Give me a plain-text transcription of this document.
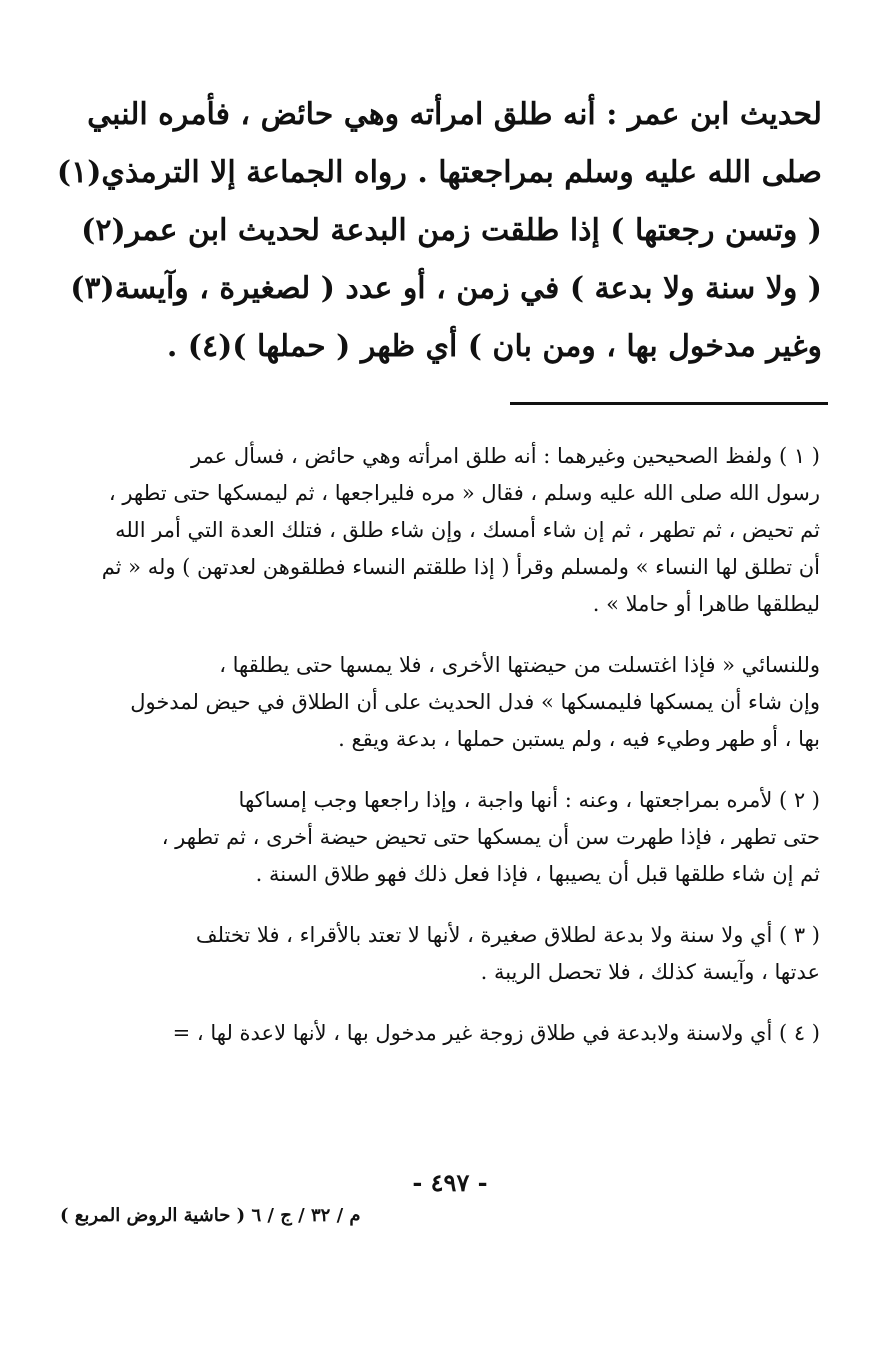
لحديث ابن عمر : أنه طلق امرأته وهي حائض ، فأمره النبي
صلى الله عليه وسلم بمراجعتها . رواه الجماعة إلا الترمذي(١)
( وتسن رجعتها ) إذا طلقت زمن البدعة لحديث ابن عمر(٢)
( ولا سنة ولا بدعة ) في زمن ، أو عدد ( لصغيرة ، وآيسة(٣)
وغير مدخول بها ، ومن بان ) أي ظهر ( حملها )(٤) .
( ١ ) ولفظ الصحيحين وغيرهما : أنه طلق امرأته وهي حائض ، فسأل عمر
رسول الله صلى الله عليه وسلم ، فقال « مره فليراجعها ، ثم ليمسكها حتى تطهر ،
ثم تحيض ، ثم تطهر ، ثم إن شاء أمسك ، وإن شاء طلق ، فتلك العدة التي أمر الله
أن تطلق لها النساء » ولمسلم وقرأ ( إذا طلقتم النساء فطلقوهن لعدتهن ) وله « ثم
ليطلقها طاهرا أو حاملا » .
وللنسائي « فإذا اغتسلت من حيضتها الأخرى ، فلا يمسها حتى يطلقها ،
وإن شاء أن يمسكها فليمسكها » فدل الحديث على أن الطلاق في حيض لمدخول
بها ، أو طهر وطيء فيه ، ولم يستبن حملها ، بدعة ويقع .
( ٢ ) لأمره بمراجعتها ، وعنه : أنها واجبة ، وإذا راجعها وجب إمساكها
حتى تطهر ، فإذا طهرت سن أن يمسكها حتى تحيض حيضة أخرى ، ثم تطهر ،
ثم إن شاء طلقها قبل أن يصيبها ، فإذا فعل ذلك فهو طلاق السنة .
( ٣ ) أي ولا سنة ولا بدعة لطلاق صغيرة ، لأنها لا تعتد بالأقراء ، فلا تختلف
عدتها ، وآيسة كذلك ، فلا تحصل الريبة .
( ٤ ) أي ولاسنة ولابدعة في طلاق زوجة غير مدخول بها ، لأنها لاعدة لها ، =
- ٤٩٧ -
م / ٣٢ / ج / ٦ ( حاشية الروض المربع )
